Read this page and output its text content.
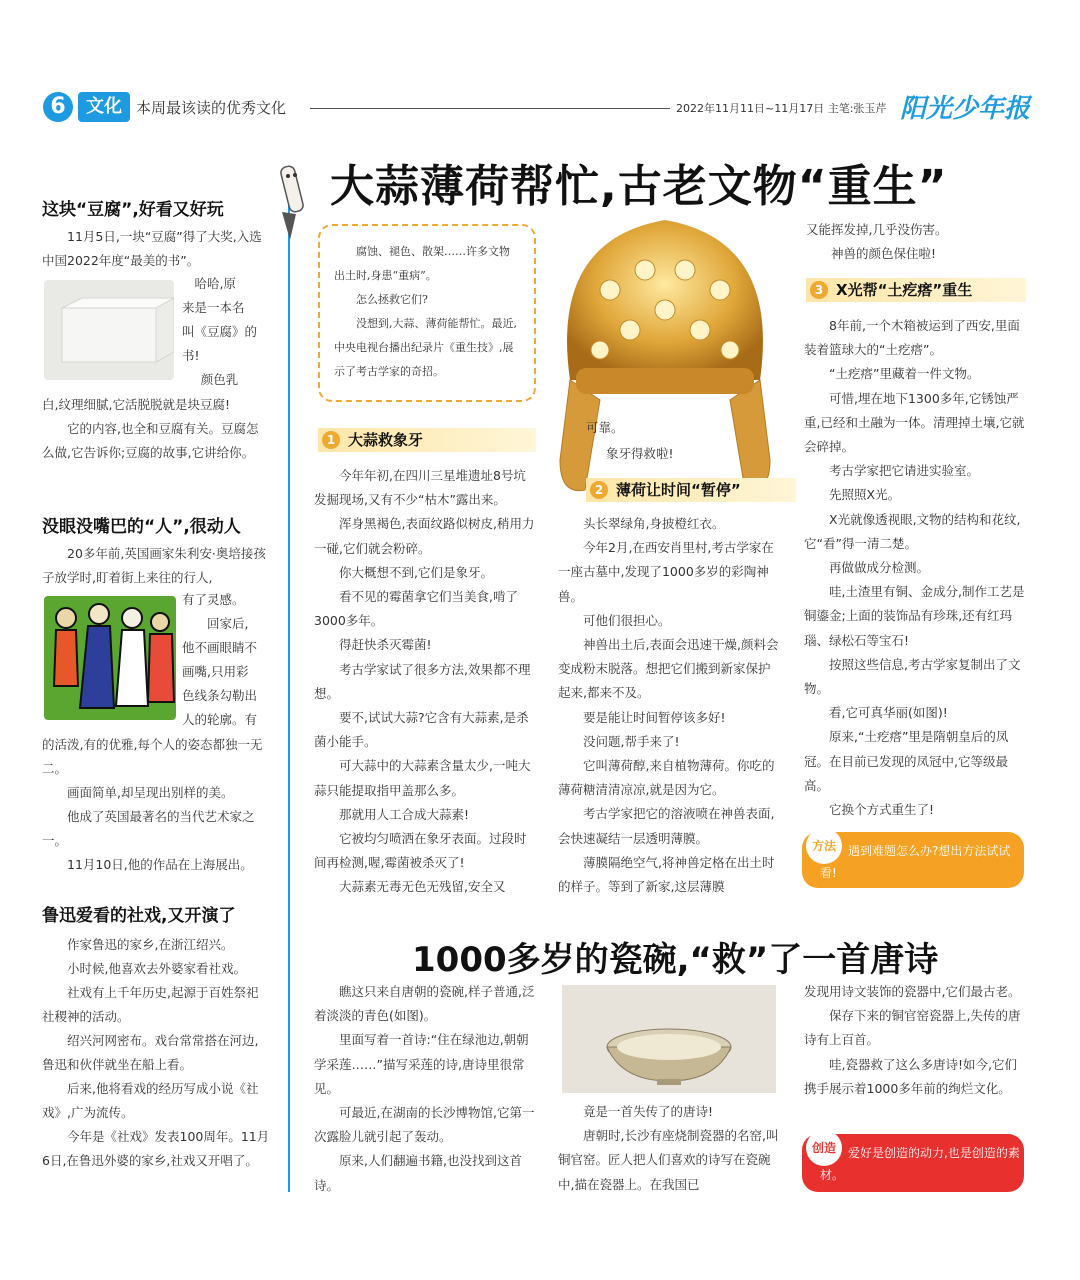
6	文化 本周最该读的优秀文化	2022年11月11日~11月17日 主笔:张玉芹 阳光少年报
这块“豆腐”,好看又好玩

11月5日,一块“豆腐”得了大奖,入选中国2022年度“最美的书”。

哈哈,原
来是一本名
叫《豆腐》的
书!
颜色乳
白,纹理细腻,它活脱脱就是块豆腐!

它的内容,也全和豆腐有关。豆腐怎么做,它告诉你;豆腐的故事,它讲给你。

没眼没嘴巴的“人”,很动人

20多年前,英国画家朱利安·奥培接孩子放学时,盯着街上来往的行人,

有了灵感。
回家后,
他不画眼睛不
画嘴,只用彩
色线条勾勒出
人的轮廓。有
的活泼,有的优雅,每个人的姿态都独一无二。

画面简单,却呈现出别样的美。

他成了英国最著名的当代艺术家之一。

11月10日,他的作品在上海展出。

鲁迅爱看的社戏,又开演了

作家鲁迅的家乡,在浙江绍兴。

小时候,他喜欢去外婆家看社戏。

社戏有上千年历史,起源于百姓祭祀社稷神的活动。

绍兴河网密布。戏台常常搭在河边,鲁迅和伙伴就坐在船上看。

后来,他将看戏的经历写成小说《社戏》,广为流传。

今年是《社戏》发表100周年。11月6日,在鲁迅外婆的家乡,社戏又开唱了。

大蒜薄荷帮忙,古老文物“重生”

腐蚀、褪色、散架……许多文物出土时,身患“重病”。

怎么拯救它们?

没想到,大蒜、薄荷能帮忙。最近,中央电视台播出纪录片《重生技》,展示了考古学家的奇招。

1 大蒜救象牙

今年年初,在四川三星堆遗址8号坑发掘现场,又有不少“枯木”露出来。

浑身黑褐色,表面纹路似树皮,稍用力一碰,它们就会粉碎。

你大概想不到,它们是象牙。

看不见的霉菌拿它们当美食,啃了3000多年。

得赶快杀灭霉菌!

考古学家试了很多方法,效果都不理想。

要不,试试大蒜?它含有大蒜素,是杀菌小能手。

可大蒜中的大蒜素含量太少,一吨大蒜只能提取指甲盖那么多。

那就用人工合成大蒜素!

它被均匀喷洒在象牙表面。过段时间再检测,喔,霉菌被杀灭了!

大蒜素无毒无色无残留,安全又

可靠。

象牙得救啦!

2 薄荷让时间“暂停”

头长翠绿角,身披橙红衣。

今年2月,在西安肖里村,考古学家在一座古墓中,发现了1000多岁的彩陶神兽。

可他们很担心。

神兽出土后,表面会迅速干燥,颜料会变成粉末脱落。想把它们搬到新家保护起来,都来不及。

要是能让时间暂停该多好!

没问题,帮手来了!

它叫薄荷醇,来自植物薄荷。你吃的薄荷糖清清凉凉,就是因为它。

考古学家把它的溶液喷在神兽表面,会快速凝结一层透明薄膜。

薄膜隔绝空气,将神兽定格在出土时的样子。等到了新家,这层薄膜

又能挥发掉,几乎没伤害。

神兽的颜色保住啦!

3 X光帮“土疙瘩”重生

8年前,一个木箱被运到了西安,里面装着篮球大的“土疙瘩”。

“土疙瘩”里藏着一件文物。

可惜,埋在地下1300多年,它锈蚀严重,已经和土融为一体。清理掉土壤,它就会碎掉。

考古学家把它请进实验室。

先照照X光。

X光就像透视眼,文物的结构和花纹,它“看”得一清二楚。

再做做成分检测。

哇,土渣里有铜、金成分,制作工艺是铜鎏金;上面的装饰品有珍珠,还有红玛瑙、绿松石等宝石!

按照这些信息,考古学家复制出了文物。

看,它可真华丽(如图)!

原来,“土疙瘩”里是隋朝皇后的凤冠。在目前已发现的凤冠中,它等级最高。

它换个方式重生了!

方法	遇到难题怎么办?想出方法试试看!
1000多岁的瓷碗,“救”了一首唐诗

瞧这只来自唐朝的瓷碗,样子普通,泛着淡淡的青色(如图)。

里面写着一首诗:“住在绿池边,朝朝学采莲……”描写采莲的诗,唐诗里很常见。

可最近,在湖南的长沙博物馆,它第一次露脸儿就引起了轰动。

原来,人们翻遍书籍,也没找到这首诗。

竟是一首失传了的唐诗!

唐朝时,长沙有座烧制瓷器的名窑,叫铜官窑。匠人把人们喜欢的诗写在瓷碗中,描在瓷器上。在我国已

发现用诗文装饰的瓷器中,它们最古老。

保存下来的铜官窑瓷器上,失传的唐诗有上百首。

哇,瓷器救了这么多唐诗!如今,它们携手展示着1000多年前的绚烂文化。

创造	爱好是创造的动力,也是创造的素材。
